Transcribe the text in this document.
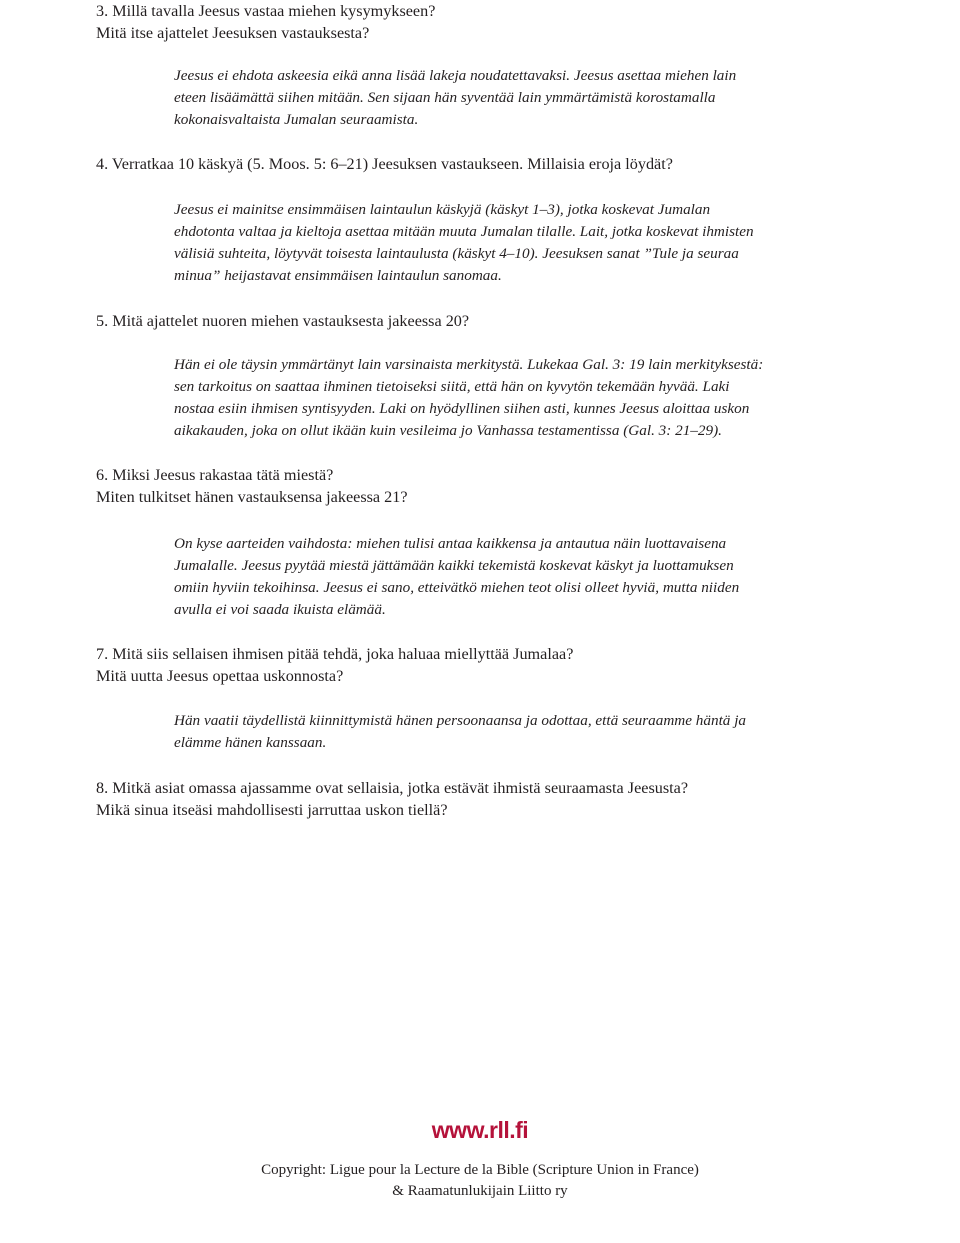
3. Millä tavalla Jeesus vastaa miehen kysymykseen?
Mitä itse ajattelet Jeesuksen vastauksesta?
Jeesus ei ehdota askeesia eikä anna lisää lakeja noudatettavaksi. Jeesus asettaa miehen lain
eteen lisäämättä siihen mitään. Sen sijaan hän syventää lain ymmärtämistä korostamalla
kokonaisvaltaista Jumalan seuraamista.
4. Verratkaa 10 käskyä (5. Moos. 5: 6–21) Jeesuksen vastaukseen. Millaisia eroja löydät?
Jeesus ei mainitse ensimmäisen laintaulun käskyjä (käskyt 1–3), jotka koskevat Jumalan
ehdotonta valtaa ja kieltoja asettaa mitään muuta Jumalan tilalle. Lait, jotka koskevat ihmisten
välisiä suhteita, löytyvät toisesta laintaulusta (käskyt 4–10). Jeesuksen sanat ”Tule ja seuraa
minua” heijastavat ensimmäisen laintaulun sanomaa.
5. Mitä ajattelet nuoren miehen vastauksesta jakeessa 20?
Hän ei ole täysin ymmärtänyt lain varsinaista merkitystä. Lukekaa Gal. 3: 19 lain merkityksestä:
sen tarkoitus on saattaa ihminen tietoiseksi siitä, että hän on kyvytön tekemään hyvää. Laki
nostaa esiin ihmisen syntisyyden. Laki on hyödyllinen siihen asti, kunnes Jeesus aloittaa uskon
aikakauden, joka on ollut ikään kuin vesileima jo Vanhassa testamentissa (Gal. 3: 21–29).
6. Miksi Jeesus rakastaa tätä miestä?
Miten tulkitset hänen vastauksensa jakeessa 21?
On kyse aarteiden vaihdosta: miehen tulisi antaa kaikkensa ja antautua näin luottavaisena
Jumalalle. Jeesus pyytää miestä jättämään kaikki tekemistä koskevat käskyt ja luottamuksen
omiin hyviin tekoihinsa. Jeesus ei sano, etteivätkö miehen teot olisi olleet hyviä, mutta niiden
avulla ei voi saada ikuista elämää.
7. Mitä siis sellaisen ihmisen pitää tehdä, joka haluaa miellyttää Jumalaa?
Mitä uutta Jeesus opettaa uskonnosta?
Hän vaatii täydellistä kiinnittymistä hänen persoonaansa ja odottaa, että seuraamme häntä ja
elämme hänen kanssaan.
8. Mitkä asiat omassa ajassamme ovat sellaisia, jotka estävät ihmistä seuraamasta Jeesusta?
Mikä sinua itseäsi mahdollisesti jarruttaa uskon tiellä?
www.rll.fi
Copyright: Ligue pour la Lecture de la Bible (Scripture Union in France)
& Raamatunlukijain Liitto ry
